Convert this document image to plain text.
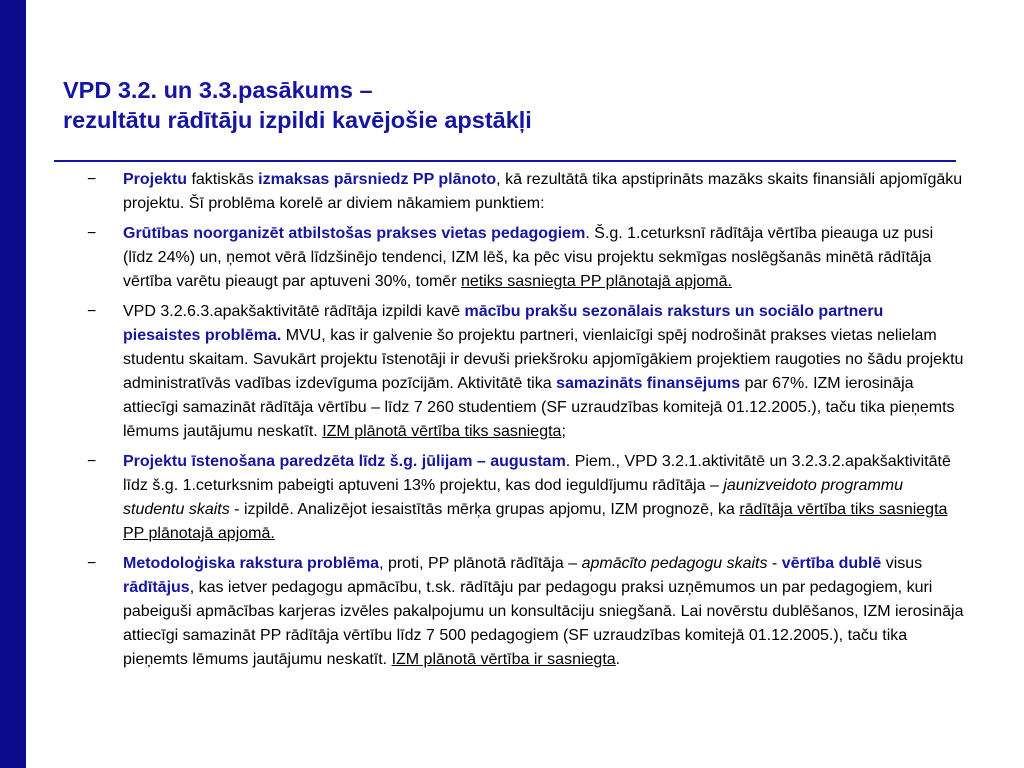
VPD 3.2. un 3.3.pasākums –
rezultātu rādītāju izpildi kavējošie apstākļi
− Projektu faktiskās izmaksas pārsniedz PP plānoto, kā rezultātā tika apstiprināts mazāks skaits finansiāli apjomīgāku projektu. Šī problēma korelē ar diviem nākamiem punktiem:
− Grūtības noorganizēt atbilstošas prakses vietas pedagogiem. Š.g. 1.ceturksnī rādītāja vērtība pieauga uz pusi (līdz 24%) un, ņemot vērā līdzšinējo tendenci, IZM lēš, ka pēc visu projektu sekmīgas noslēgšanās minētā rādītāja vērtība varētu pieaugt par aptuveni 30%, tomēr netiks sasniegta PP plānotajā apjomā.
− VPD 3.2.6.3.apakšaktivitātē rādītāja izpildi kavē mācību prakšu sezonālais raksturs un sociālo partneru piesaistes problēma. MVU, kas ir galvenie šo projektu partneri, vienlaicīgi spēj nodrošināt prakses vietas nelielam studentu skaitam. Savukārt projektu īstenotāji ir devuši priekšroku apjomīgākiem projektiem raugoties no šādu projektu administratīvās vadības izdevīguma pozīcijām. Aktivitātē tika samazināts finansējums par 67%. IZM ierosināja attiecīgi samazināt rādītāja vērtību – līdz 7 260 studentiem (SF uzraudzības komitejā 01.12.2005.), taču tika pieņemts lēmums jautājumu neskatīt. IZM plānotā vērtība tiks sasniegta;
− Projektu īstenošana paredzēta līdz š.g. jūlijam – augustam. Piem., VPD 3.2.1.aktivitātē un 3.2.3.2.apakšaktivitātē līdz š.g. 1.ceturksnim pabeigti aptuveni 13% projektu, kas dod ieguldījumu rādītāja – jaunizveidoto programmu studentu skaits - izpildē. Analizējot iesaistītās mērķa grupas apjomu, IZM prognozē, ka rādītāja vērtība tiks sasniegta PP plānotajā apjomā.
− Metodoloģiska rakstura problēma, proti, PP plānotā rādītāja – apmācīto pedagogu skaits - vērtība dublē visus rādītājus, kas ietver pedagogu apmācību, t.sk. rādītāju par pedagogu praksi uzņēmumos un par pedagogiem, kuri pabeiguši apmācības karjeras izvēles pakalpojumu un konsultāciju sniegšanā. Lai novērstu dublēšanos, IZM ierosināja attiecīgi samazināt PP rādītāja vērtību līdz 7 500 pedagogiem (SF uzraudzības komitejā 01.12.2005.), taču tika pieņemts lēmums jautājumu neskatīt. IZM plānotā vērtība ir sasniegta.
